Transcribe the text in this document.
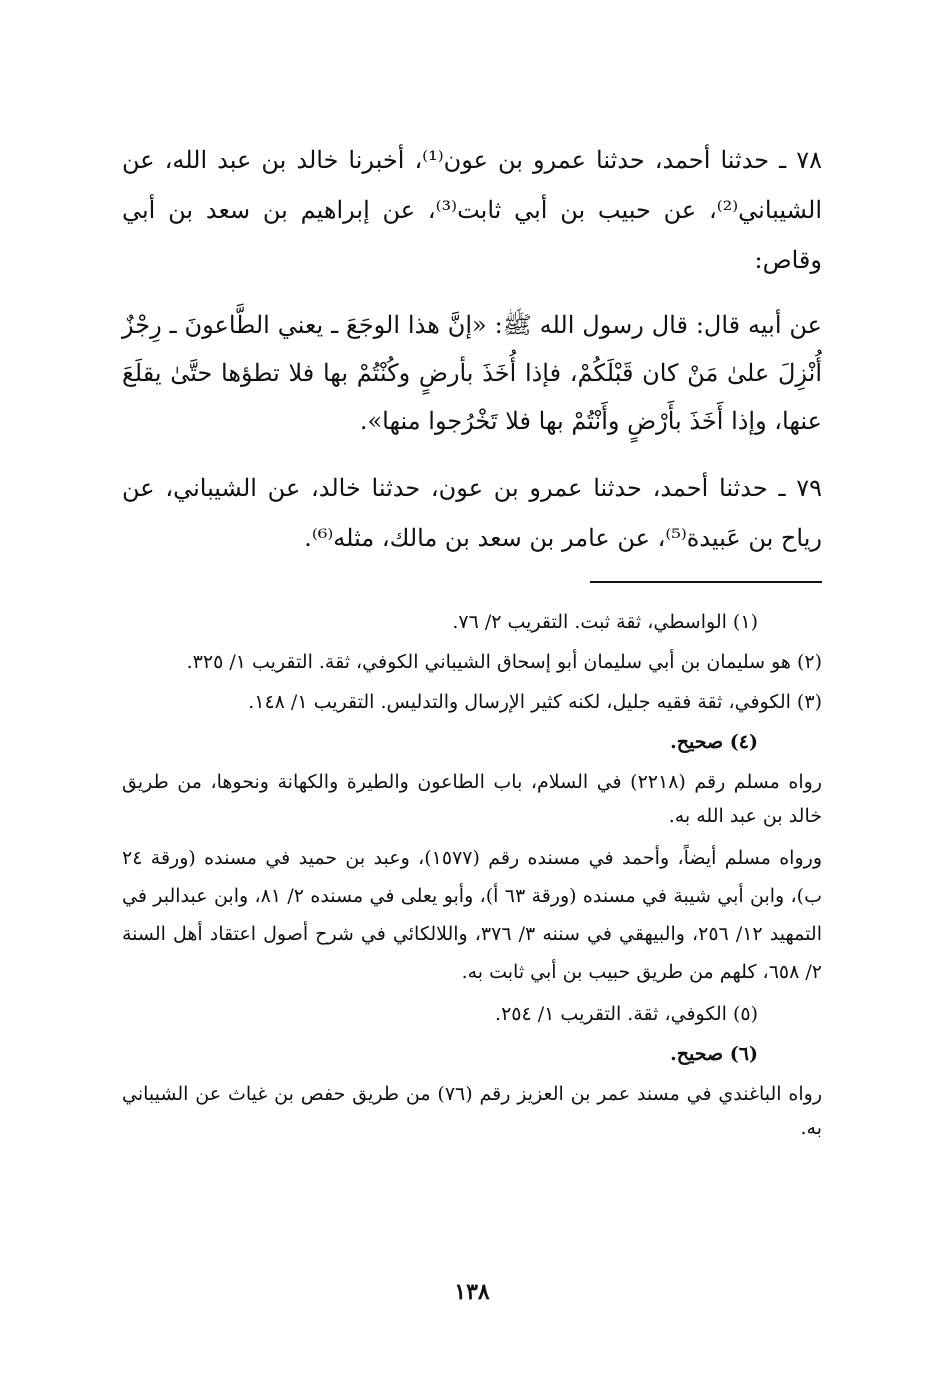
٧٨ ـ حدثنا أحمد، حدثنا عمرو بن عون⁽¹⁾، أخبرنا خالد بن عبد الله، عن الشيباني⁽²⁾، عن حبيب بن أبي ثابت⁽³⁾، عن إبراهيم بن سعد بن أبي وقاص:

عن أبيه قال: قال رسول الله ﷺ: «إنَّ هذا الوجَعَ ـ يعني الطَّاعونَ ـ رِجْزٌ أُنْزِلَ علىٰ مَنْ كان قَبْلَكُمْ، فإذا أُخَذَ بأرضٍ وكُنْتُمْ بها فلا تطؤها حتَّىٰ يقلَعَ عنها، وإذا أَخَذَ بأَرْضٍ وأَنْتُمْ بها فلا تَخْرُجوا منها».

٧٩ ـ حدثنا أحمد، حدثنا عمرو بن عون، حدثنا خالد، عن الشيباني، عن رياح بن عَبيدة⁽⁵⁾، عن عامر بن سعد بن مالك، مثله⁽⁶⁾.

(١) الواسطي، ثقة ثبت. التقريب ٢/ ٧٦.

(٢) هو سليمان بن أبي سليمان أبو إسحاق الشيباني الكوفي، ثقة. التقريب ١/ ٣٢٥.

(٣) الكوفي، ثقة فقيه جليل، لكنه كثير الإرسال والتدليس. التقريب ١/ ١٤٨.

(٤) صحيح.

رواه مسلم رقم (٢٢١٨) في السلام، باب الطاعون والطيرة والكهانة ونحوها، من طريق خالد بن عبد الله به.

ورواه مسلم أيضاً، وأحمد في مسنده رقم (١٥٧٧)، وعبد بن حميد في مسنده (ورقة ٢٤ ب)، وابن أبي شيبة في مسنده (ورقة ٦٣ أ)، وأبو يعلى في مسنده ٢/ ٨١، وابن عبدالبر في التمهيد ١٢/ ٢٥٦، والبيهقي في سننه ٣/ ٣٧٦، واللالكائي في شرح أصول اعتقاد أهل السنة ٢/ ٦٥٨، كلهم من طريق حبيب بن أبي ثابت به.

(٥) الكوفي، ثقة. التقريب ١/ ٢٥٤.

(٦) صحيح.

رواه الباغندي في مسند عمر بن العزيز رقم (٧٦) من طريق حفص بن غياث عن الشيباني به.

١٣٨
